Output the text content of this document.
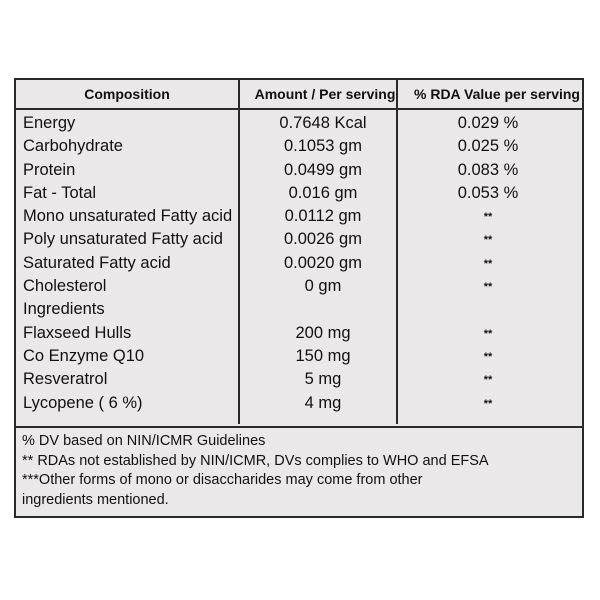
Composition	Amount / Per serving	% RDA Value per serving
Energy	0.7648 Kcal	0.029 %
Carbohydrate	0.1053 gm	0.025 %
Protein	0.0499 gm	0.083 %
Fat - Total	0.016 gm	0.053 %
Mono unsaturated Fatty acid	0.0112 gm	**
Poly unsaturated Fatty acid	0.0026 gm	**
Saturated Fatty acid	0.0020 gm	**
Cholesterol	0 gm	**
Ingredients
Flaxseed Hulls	200 mg	**
Co Enzyme Q10	150 mg	**
Resveratrol	5 mg	**
Lycopene ( 6 %)	4 mg	**
% DV based on NIN/ICMR Guidelines
** RDAs not established by NIN/ICMR, DVs complies to WHO and EFSA
***Other forms of mono or disaccharides may come from other
ingredients mentioned.
